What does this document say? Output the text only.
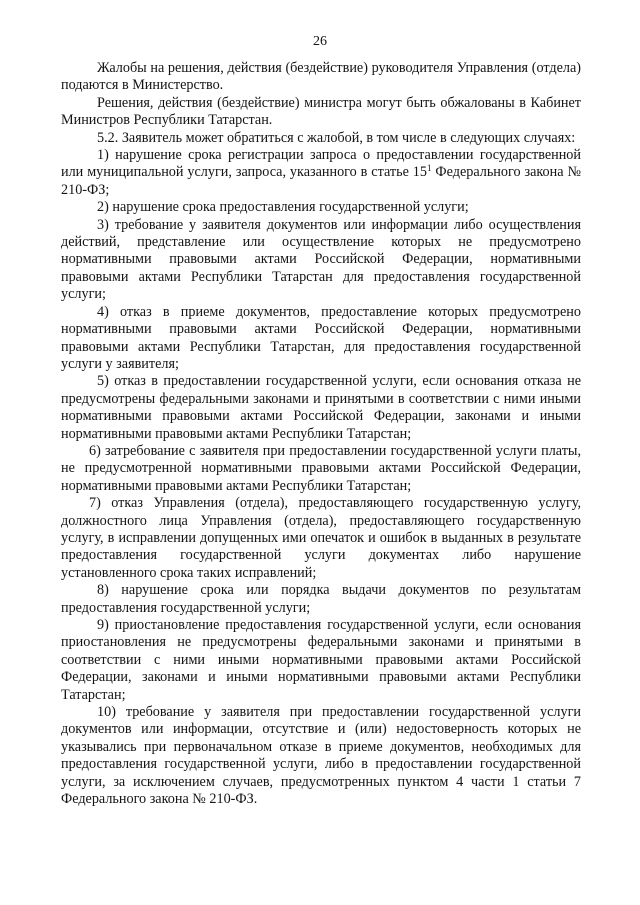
26

Жалобы на решения, действия (бездействие) руководителя Управления (отдела) подаются в Министерство.

Решения, действия (бездействие) министра могут быть обжалованы в Кабинет Министров Республики Татарстан.

5.2. Заявитель может обратиться с жалобой, в том числе в следующих случаях:

1) нарушение срока регистрации запроса о предоставлении государственной или муниципальной услуги, запроса, указанного в статье $15^1$ Федерального закона № 210-ФЗ;

2) нарушение срока предоставления государственной услуги;

3) требование у заявителя документов или информации либо осуществления действий, представление или осуществление которых не предусмотрено нормативными правовыми актами Российской Федерации, нормативными правовыми актами Республики Татарстан для предоставления государственной услуги;

4) отказ в приеме документов, предоставление которых предусмотрено нормативными правовыми актами Российской Федерации, нормативными правовыми актами Республики Татарстан, для предоставления государственной услуги у заявителя;

5) отказ в предоставлении государственной услуги, если основания отказа не предусмотрены федеральными законами и принятыми в соответствии с ними иными нормативными правовыми актами Российской Федерации, законами и иными нормативными правовыми актами Республики Татарстан;

6) затребование с заявителя при предоставлении государственной услуги платы, не предусмотренной нормативными правовыми актами Российской Федерации, нормативными правовыми актами Республики Татарстан;

7) отказ Управления (отдела), предоставляющего государственную услугу, должностного лица Управления (отдела), предоставляющего государственную услугу, в исправлении допущенных ими опечаток и ошибок в выданных в результате предоставления государственной услуги документах либо нарушение установленного срока таких исправлений;

8) нарушение срока или порядка выдачи документов по результатам предоставления государственной услуги;

9) приостановление предоставления государственной услуги, если основания приостановления не предусмотрены федеральными законами и принятыми в соответствии с ними иными нормативными правовыми актами Российской Федерации, законами и иными нормативными правовыми актами Республики Татарстан;

10) требование у заявителя при предоставлении государственной услуги документов или информации, отсутствие и (или) недостоверность которых не указывались при первоначальном отказе в приеме документов, необходимых для предоставления государственной услуги, либо в предоставлении государственной услуги, за исключением случаев, предусмотренных пунктом 4 части 1 статьи 7 Федерального закона № 210-ФЗ.
